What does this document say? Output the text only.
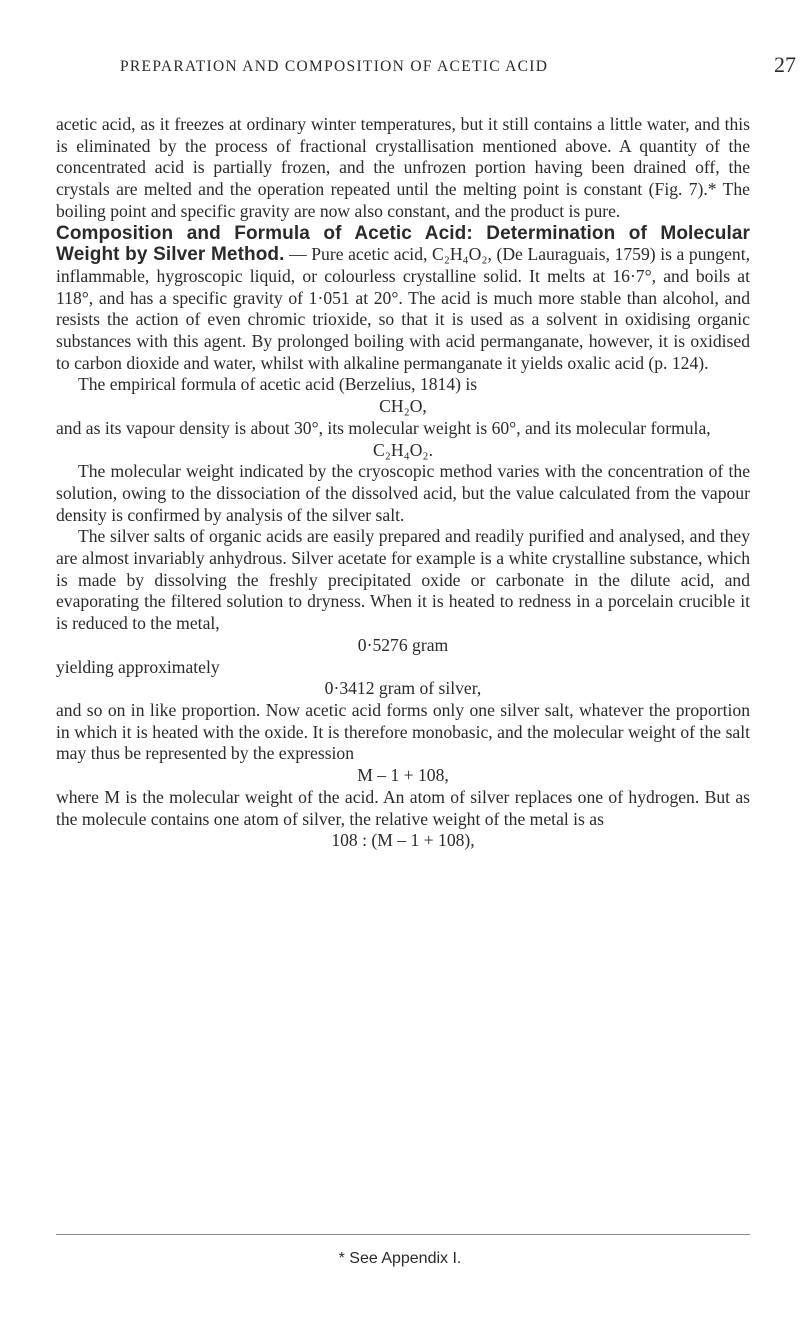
PREPARATION AND COMPOSITION OF ACETIC ACID	27

acetic acid, as it freezes at ordinary winter temperatures, but it still contains a little water, and this is eliminated by the process of fractional crystallisation mentioned above. A quantity of the concentrated acid is partially frozen, and the unfrozen portion having been drained off, the crystals are melted and the operation repeated until the melting point is constant (Fig. 7).* The boiling point and specific gravity are now also constant, and the product is pure.

Composition and Formula of Acetic Acid: Determination of Molecular Weight by Silver Method. — Pure acetic acid, C₂H₄O₂, (De Lauraguais, 1759) is a pungent, inflammable, hygroscopic liquid, or colourless crystalline solid. It melts at 16·7°, and boils at 118°, and has a specific gravity of 1·051 at 20°. The acid is much more stable than alcohol, and resists the action of even chromic trioxide, so that it is used as a solvent in oxidising organic substances with this agent. By prolonged boiling with acid permanganate, however, it is oxidised to carbon dioxide and water, whilst with alkaline permanganate it yields oxalic acid (p. 124).

The empirical formula of acetic acid (Berzelius, 1814) is

CH₂O,

and as its vapour density is about 30°, its molecular weight is 60°, and its molecular formula,

C₂H₄O₂.

The molecular weight indicated by the cryoscopic method varies with the concentration of the solution, owing to the dissociation of the dissolved acid, but the value calculated from the vapour density is confirmed by analysis of the silver salt.

The silver salts of organic acids are easily prepared and readily purified and analysed, and they are almost invariably anhydrous. Silver acetate for example is a white crystalline substance, which is made by dissolving the freshly precipitated oxide or carbonate in the dilute acid, and evaporating the filtered solution to dryness. When it is heated to redness in a porcelain crucible it is reduced to the metal,

0·5276 gram

yielding approximately

0·3412 gram of silver,

and so on in like proportion. Now acetic acid forms only one silver salt, whatever the proportion in which it is heated with the oxide. It is therefore monobasic, and the molecular weight of the salt may thus be represented by the expression

M – 1 + 108,

where M is the molecular weight of the acid. An atom of silver replaces one of hydrogen. But as the molecule contains one atom of silver, the relative weight of the metal is as

108 : (M – 1 + 108),
* See Appendix I.
